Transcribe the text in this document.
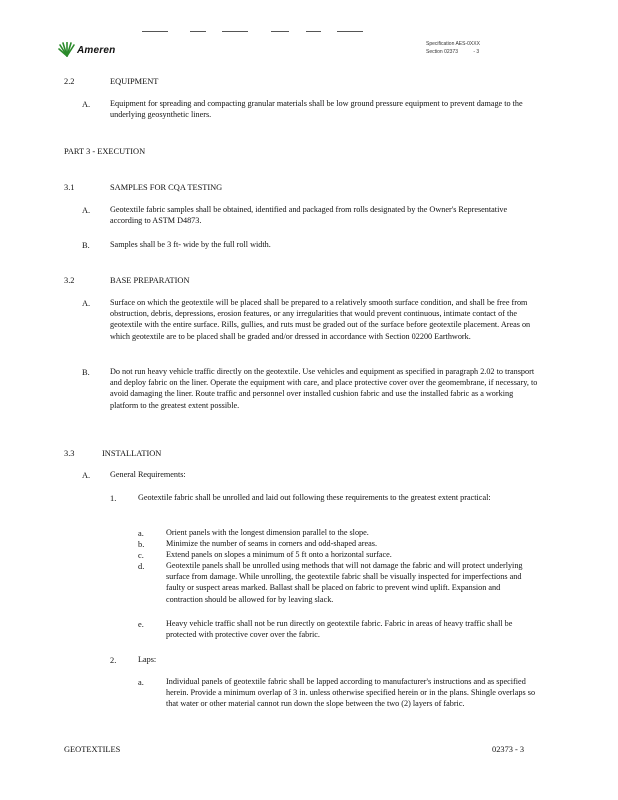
Ameren
Specification AES-0XXX
Section 02373	- 3
2.2	EQUIPMENT
A. Equipment for spreading and compacting granular materials shall be low ground pressure equipment to prevent damage to the underlying geosynthetic liners.

PART 3 - EXECUTION
3.1	SAMPLES FOR CQA TESTING
A. Geotextile fabric samples shall be obtained, identified and packaged from rolls designated by the Owner's Representative according to ASTM D4873.

B. Samples shall be 3 ft- wide by the full roll width.

3.2	BASE PREPARATION
A. Surface on which the geotextile will be placed shall be prepared to a relatively smooth surface condition, and shall be free from obstruction, debris, depressions, erosion features, or any irregularities that would prevent continuous, intimate contact of the geotextile with the entire surface. Rills, gullies, and ruts must be graded out of the surface before geotextile placement. Areas on which geotextile are to be placed shall be graded and/or dressed in accordance with Section 02200 Earthwork.

B. Do not run heavy vehicle traffic directly on the geotextile. Use vehicles and equipment as specified in paragraph 2.02 to transport and deploy fabric on the liner. Operate the equipment with care, and place protective cover over the geomembrane, if necessary, to avoid damaging the liner. Route traffic and personnel over installed cushion fabric and use the installed fabric as a working platform to the greatest extent possible.

3.3	INSTALLATION
A. General Requirements:

1.	Geotextile fabric shall be unrolled and laid out following these requirements to the greatest extent practical:

a.	Orient panels with the longest dimension parallel to the slope.

b.	Minimize the number of seams in corners and odd-shaped areas.

c.	Extend panels on slopes a minimum of 5 ft onto a horizontal surface.

d.	Geotextile panels shall be unrolled using methods that will not damage the fabric and will protect underlying surface from damage. While unrolling, the geotextile fabric shall be visually inspected for imperfections and faulty or suspect areas marked. Ballast shall be placed on fabric to prevent wind uplift. Expansion and contraction should be allowed for by leaving slack.

e.	Heavy vehicle traffic shall not be run directly on geotextile fabric. Fabric in areas of heavy traffic shall be protected with protective cover over the fabric.

2.	Laps:

a.	Individual panels of geotextile fabric shall be lapped according to manufacturer's instructions and as specified herein. Provide a minimum overlap of 3 in. unless otherwise specified herein or in the plans. Shingle overlaps so that water or other material cannot run down the slope between the two (2) layers of fabric.

GEOTEXTILES	02373 - 3
